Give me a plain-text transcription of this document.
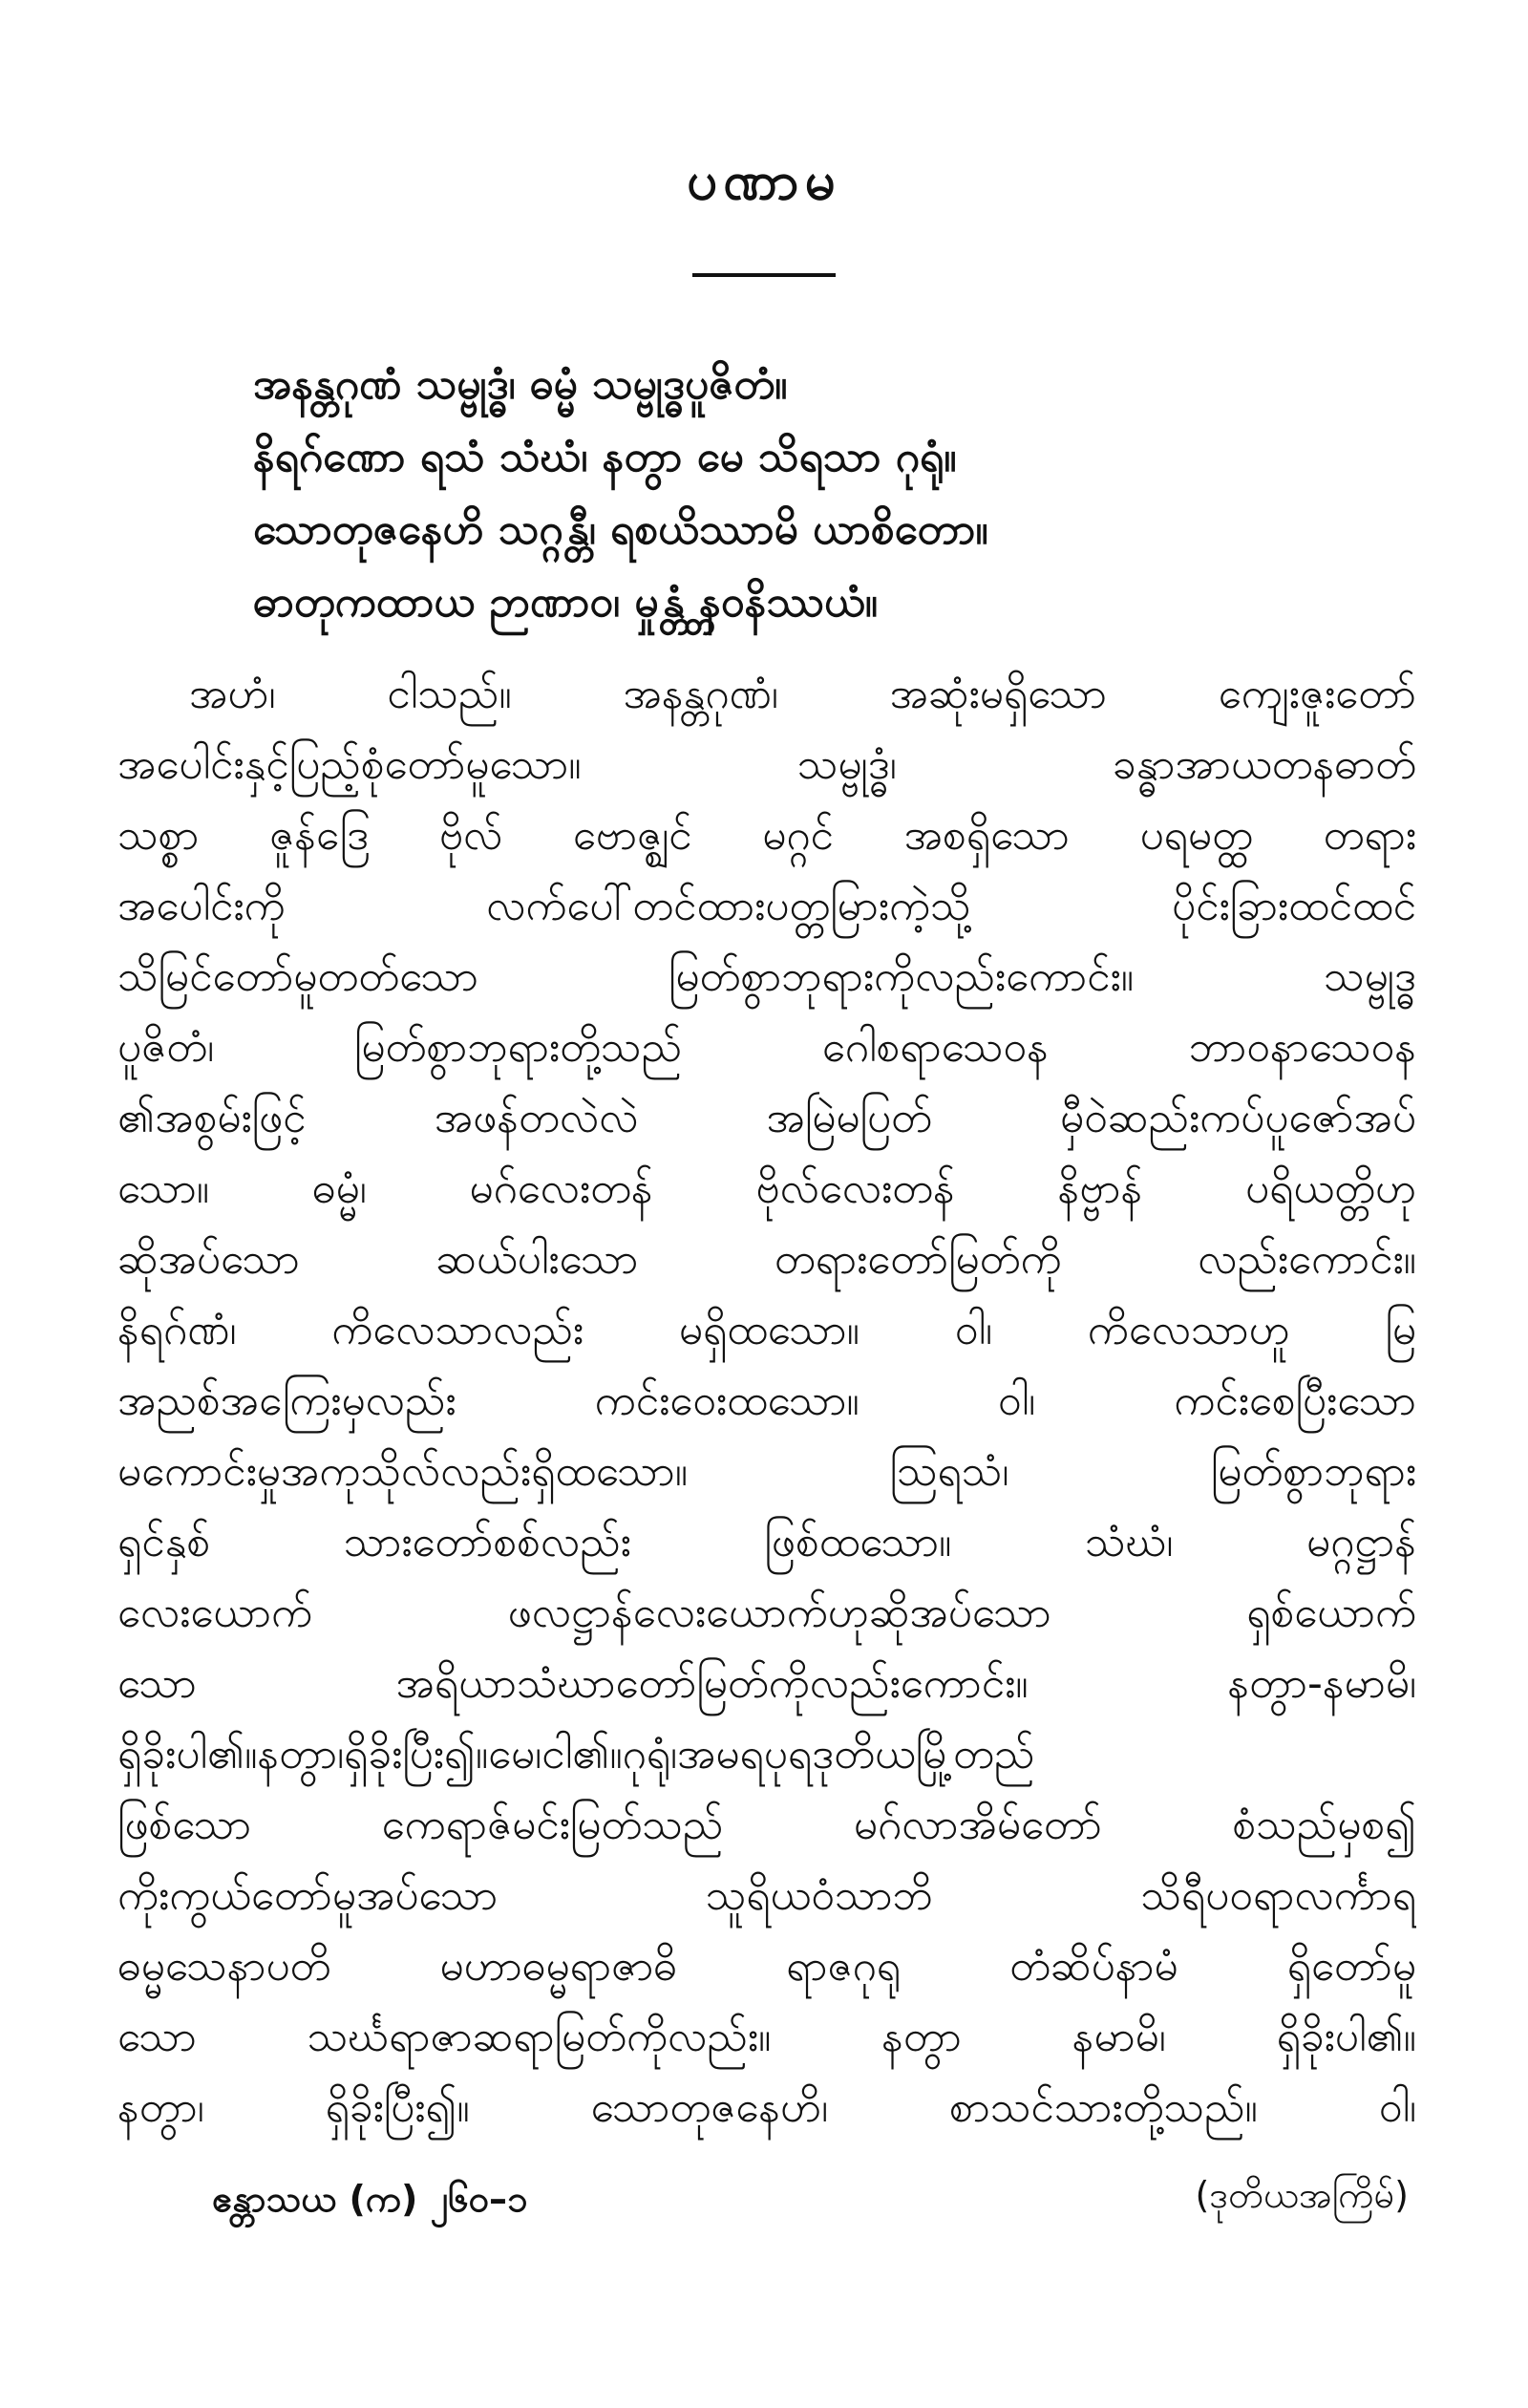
ပဏာမ
အနန္တဂုဏံ သမ္ဗုဒ္ဓံ၊ ဓမ္မံ သမ္ဗုဒ္ဓပူဇိတံ။
နိရဂ်ဏော ရသံ သံဃံ၊ နတွာ မေ သိရသာ ဂုရုံ။
သောတုဇနေဟိ သဂ္ဂန္တီ၊ ရစယိဿာမိ ယာစိတော။
ဓာတုကထာယ ဉာဏာဝ၊ မှုန္တ္တံ နဝနိဿယံ။
အဟံ၊ ငါသည်။ အနန္တဂုဏံ၊ အဆုံးမရှိသော ကျေးဇူးတော်
အပေါင်းနှင့်ပြည့်စုံတော်မူသော။ သမ္ဗုဒ္ဓံ၊ ခန္ဓာအာယတနဓာတ်
သစ္စာ ဇူန်ဒြေ ဗိုလ် ဗောဇ္ဈင် မဂ္ဂင် အစရှိသော ပရမတ္ထ တရား
အပေါင်းကို လက်ပေါ်တင်ထားပတ္တမြားကဲ့သို့ ပိုင်းခြားထင်ထင်
သိမြင်တော်မူတတ်သော မြတ်စွာဘုရားကိုလည်းကောင်း။ သမ္ဗုဒ္ဓ
ပူဇိတံ၊ မြတ်စွာဘုရားတို့သည် ဂေါစရာသေဝန ဘာဝနာသေဝန
၏အစွမ်းဖြင့် အဖန်တလဲလဲ အမြဲမပြတ် မှီဝဲဆည်းကပ်ပူဇော်အပ်
သော။ ဓမ္မံ၊ မဂ်လေးတန် ဗိုလ်လေးတန် နိဗ္ဗာန် ပရိယတ္တိဟု
ဆိုအပ်သော ဆယ်ပါးသော တရားတော်မြတ်ကို လည်းကောင်း။
နိရဂ်ဏံ၊ ကိလေသာလည်း မရှိထသော။ ဝါ၊ ကိလေသာဟူ မြ
အညစ်အကြေးမှလည်း ကင်းဝေးထသော။ ဝါ၊ ကင်းစေပြီးသော
မကောင်းမှုအကုသိုလ်လည်းရှိထသော။ ဩရသံ၊ မြတ်စွာဘုရား
ရှင်နှစ် သားတော်စစ်လည်း ဖြစ်ထသော။ သံဃံ၊ မဂ္ဂဋ္ဌာန်
လေးယောက် ဖလဋ္ဌာန်လေးယောက်ဟုဆိုအပ်သော ရှစ်ယောက်
သော အရိယာသံဃာတော်မြတ်ကိုလည်းကောင်း။ နတွာ-နမာမိ၊
ရှိခိုးပါ၏။နတွာ၊ရှိခိုးပြီး၍။မေ၊ငါ၏။ဂုရုံ၊အမရပုရဒုတိယမြို့တည်
ဖြစ်သော ကေရာဇ်မင်းမြတ်သည် မဂ်လာအိမ်တော် စံသည်မှစ၍
ကိုးကွယ်တော်မူအပ်သော သူရိယဝံသာဘိ သိရီပဝရာလင်္ကာရ
ဓမ္မသေနာပတိ မဟာဓမ္မရာဇာဓိ ရာဇဂုရု တံဆိပ်နာမံ ရှိတော်မူ
သော သင်္ဃရာဇာဆရာမြတ်ကိုလည်း။ နတွာ နမာမိ၊ ရှိခိုးပါ၏။
နတွာ၊ ရှိခိုးပြီး၍။ သောတုဇနေဟိ၊ စာသင်သားတို့သည်။ ဝါ၊
ဧန္တာသယ (က) ၂၆၀–၁	(ဒုတိယအကြိမ်)
